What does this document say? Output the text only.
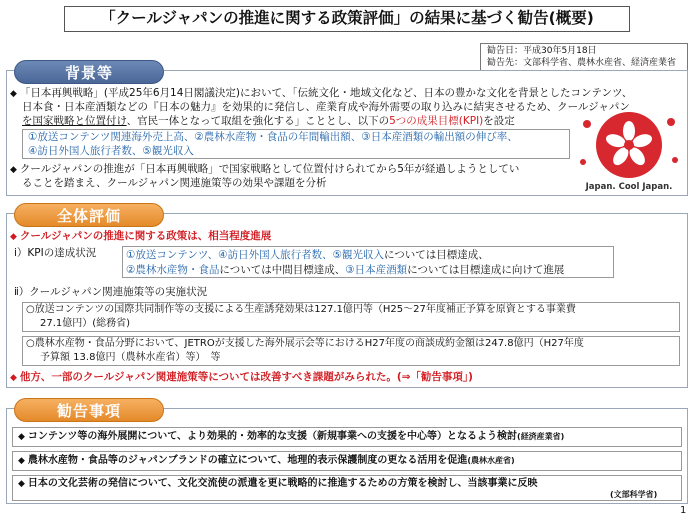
「クールジャパンの推進に関する政策評価」の結果に基づく勧告(概要)
勧告日：平成30年5月18日
勧告先：文部科学省、農林水産省、経済産業省
背景等
◆ 「日本再興戦略」(平成25年6月14日閣議決定)において、「伝統文化・地域文化など、日本の豊かな文化を背景としたコンテンツ、
日本食・日本産酒類などの『日本の魅力』を効果的に発信し、産業育成や海外需要の取り込みに結実させるため、クールジャパン
を国家戦略と位置付け、官民一体となって取組を強化する」こととし、以下の5つの成果目標(KPI)を設定
①放送コンテンツ関連海外売上高、②農林水産物・食品の年間輸出額、③日本産酒類の輸出額の伸び率、
④訪日外国人旅行者数、⑤観光収入
◆ クールジャパンの推進が「日本再興戦略」で国家戦略として位置付けられてから5年が経過しようとしてい
ることを踏まえ、クールジャパン関連施策等の効果や課題を分析	Japan. Cool Japan.
全体評価
◆ クールジャパンの推進に関する政策は、相当程度進展
ⅰ）KPIの達成状況	①放送コンテンツ、④訪日外国人旅行者数、⑤観光収入については目標達成、
②農林水産物・食品については中間目標達成、③日本産酒類については目標達成に向けて進展
ⅱ）クールジャパン関連施策等の実施状況
○放送コンテンツの国際共同制作等の支援による生産誘発効果は127.1億円等（H25～27年度補正予算を原資とする事業費
27.1億円）(総務省)
○農林水産物・食品分野において、JETROが支援した海外展示会等におけるH27年度の商談成約金額は247.8億円（H27年度
予算額 13.8億円（農林水産省）等）　等
◆ 他方、一部のクールジャパン関連施策等については改善すべき課題がみられた。(⇒「勧告事項」)
勧告事項
◆ コンテンツ等の海外展開について、より効果的・効率的な支援（新規事業への支援を中心等）となるよう検討(経済産業省)
◆ 農林水産物・食品等のジャパンブランドの確立について、地理的表示保護制度の更なる活用を促進(農林水産省)
◆ 日本の文化芸術の発信について、文化交流使の派遣を更に戦略的に推進するための方策を検討し、当該事業に反映
(文部科学省)
1
